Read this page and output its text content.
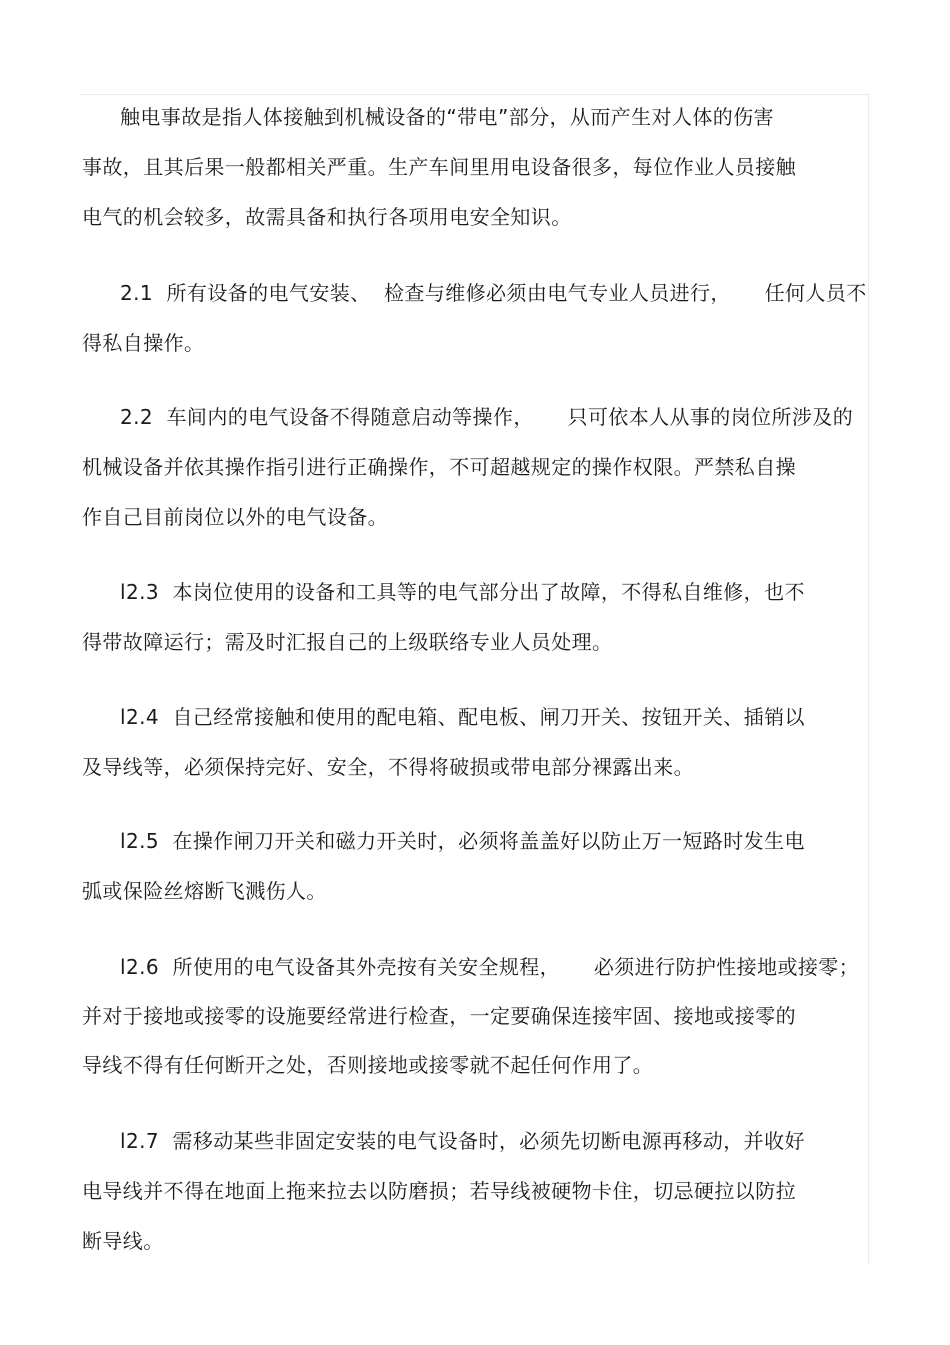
触电事故是指人体接触到机械设备的“带电”部分，从而产生对人体的伤害

事故，且其后果一般都相关严重。生产车间里用电设备很多，每位作业人员接触

电气的机会较多，故需具备和执行各项用电安全知识。

2.1  所有设备的电气安装、  检查与维修必须由电气专业人员进行，     任何人员不

得私自操作。

2.2  车间内的电气设备不得随意启动等操作，     只可依本人从事的岗位所涉及的

机械设备并依其操作指引进行正确操作，不可超越规定的操作权限。严禁私自操

作自己目前岗位以外的电气设备。

l2.3  本岗位使用的设备和工具等的电气部分出了故障，不得私自维修，也不

得带故障运行；需及时汇报自己的上级联络专业人员处理。

l2.4  自己经常接触和使用的配电箱、配电板、闸刀开关、按钮开关、插销以

及导线等，必须保持完好、安全，不得将破损或带电部分裸露出来。

l2.5  在操作闸刀开关和磁力开关时，必须将盖盖好以防止万一短路时发生电

弧或保险丝熔断飞溅伤人。

l2.6  所使用的电气设备其外壳按有关安全规程，     必须进行防护性接地或接零；

并对于接地或接零的设施要经常进行检查，一定要确保连接牢固、接地或接零的

导线不得有任何断开之处，否则接地或接零就不起任何作用了。

l2.7  需移动某些非固定安装的电气设备时，必须先切断电源再移动，并收好

电导线并不得在地面上拖来拉去以防磨损；若导线被硬物卡住，切忌硬拉以防拉

断导线。
